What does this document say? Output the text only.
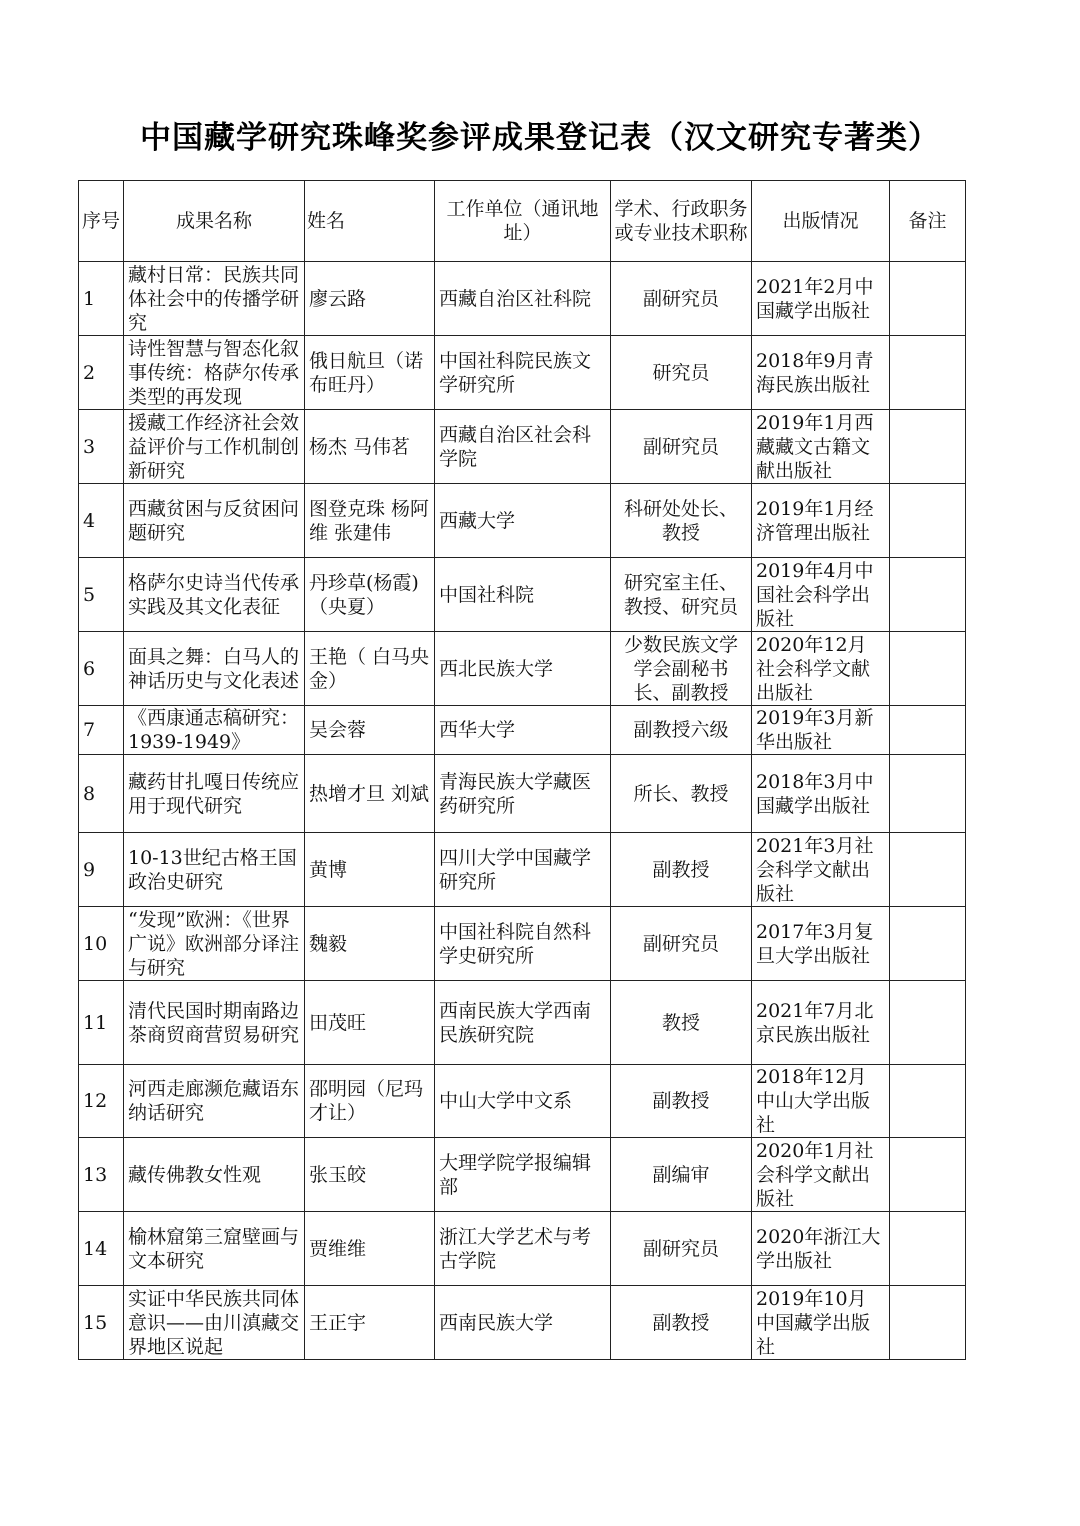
中国藏学研究珠峰奖参评成果登记表（汉文研究专著类）
序号	成果名称	姓名	工作单位（通讯地址）	学术、行政职务或专业技术职称	出版情况	备注
1	藏村日常：民族共同体社会中的传播学研究	廖云路	西藏自治区社科院	副研究员	2021年2月中国藏学出版社	
2	诗性智慧与智态化叙事传统：格萨尔传承类型的再发现	俄日航旦（诺布旺丹）	中国社科院民族文学研究所	研究员	2018年9月青海民族出版社	
3	援藏工作经济社会效益评价与工作机制创新研究	杨杰 马伟茗	西藏自治区社会科学院	副研究员	2019年1月西藏藏文古籍文献出版社	
4	西藏贫困与反贫困问题研究	图登克珠 杨阿维 张建伟	西藏大学	科研处处长、教授	2019年1月经济管理出版社	
5	格萨尔史诗当代传承实践及其文化表征	丹珍草(杨霞)（央夏）	中国社科院	研究室主任、教授、研究员	2019年4月中国社会科学出版社	
6	面具之舞：白马人的神话历史与文化表述	王艳（ 白马央金）	西北民族大学	少数民族文学学会副秘书长、副教授	2020年12月社会科学文献出版社	
7	《西康通志稿研究：1939-1949》	吴会蓉	西华大学	副教授六级	2019年3月新华出版社	
8	藏药甘扎嘎日传统应用于现代研究	热增才旦 刘斌	青海民族大学藏医药研究所	所长、教授	2018年3月中国藏学出版社	
9	10-13世纪古格王国政治史研究	黄博	四川大学中国藏学研究所	副教授	2021年3月社会科学文献出版社	
10	“发现”欧洲：《世界广说》欧洲部分译注与研究	魏毅	中国社科院自然科学史研究所	副研究员	2017年3月复旦大学出版社	
11	清代民国时期南路边茶商贸商营贸易研究	田茂旺	西南民族大学西南民族研究院	教授	2021年7月北京民族出版社	
12	河西走廊濒危藏语东纳话研究	邵明园（尼玛才让）	中山大学中文系	副教授	2018年12月中山大学出版社	
13	藏传佛教女性观	张玉皎	大理学院学报编辑部	副编审	2020年1月社会科学文献出版社	
14	榆林窟第三窟壁画与文本研究	贾维维	浙江大学艺术与考古学院	副研究员	2020年浙江大学出版社	
15	实证中华民族共同体意识——由川滇藏交界地区说起	王正宇	西南民族大学	副教授	2019年10月中国藏学出版社	
